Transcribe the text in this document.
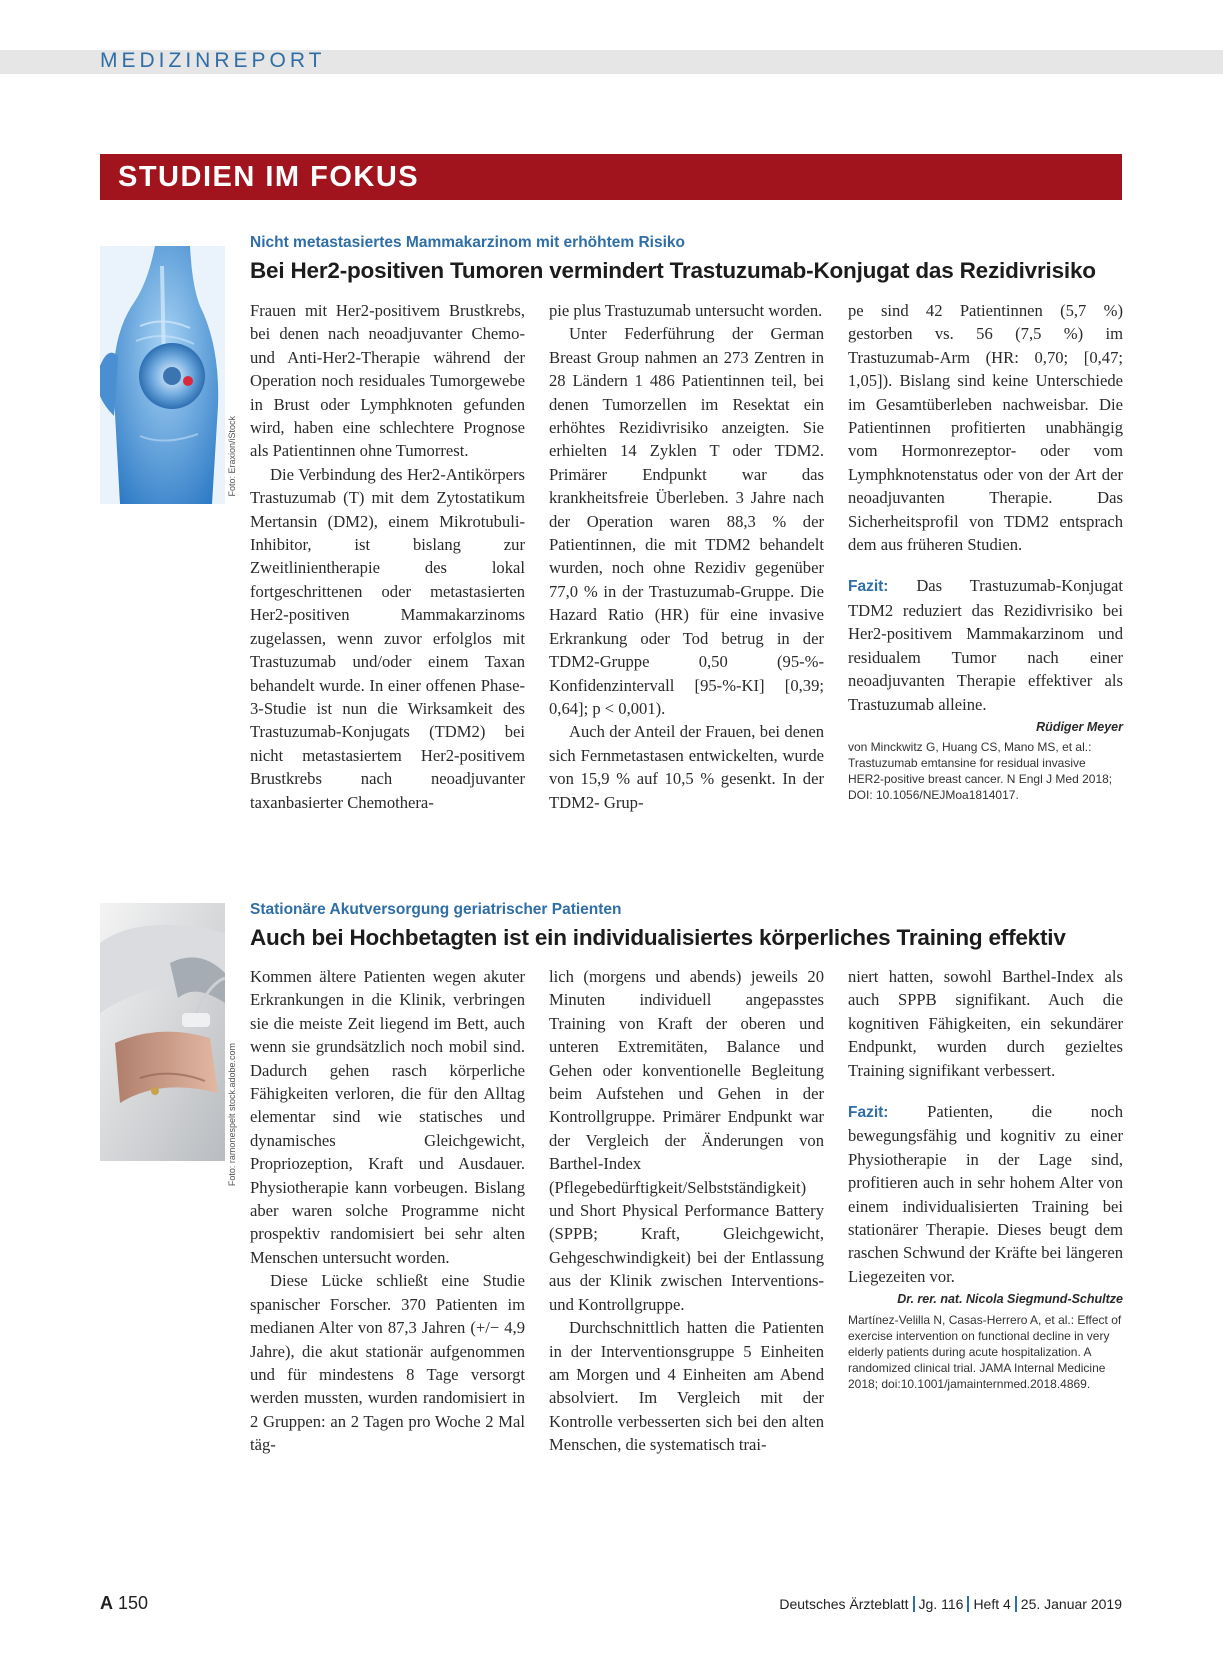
MEDIZINREPORT
STUDIEN IM FOKUS
Foto: Eraxion/iStock
Nicht metastasiertes Mammakarzinom mit erhöhtem Risiko
Bei Her2-positiven Tumoren vermindert Trastuzumab-Konjugat das Rezidivrisiko

Frauen mit Her2-positivem Brustkrebs, bei denen nach neoadjuvanter Chemo- und Anti-Her2-Therapie während der Operation noch residuales Tumorgewebe in Brust oder Lymphknoten gefunden wird, haben eine schlechtere Prognose als Patientinnen ohne Tumorrest.

Die Verbindung des Her2-Antikörpers Trastuzumab (T) mit dem Zytostatikum Mertansin (DM2), einem Mikrotubuli-Inhibitor, ist bislang zur Zweitlinientherapie des lokal fortgeschrittenen oder metastasierten Her2-positiven Mammakarzinoms zugelassen, wenn zuvor erfolglos mit Trastuzumab und/oder einem Taxan behandelt wurde. In einer offenen Phase-3-Studie ist nun die Wirksamkeit des Trastuzumab-Konjugats (TDM2) bei nicht metastasiertem Her2-positivem Brustkrebs nach neoadjuvanter taxanbasierter Chemothera-

pie plus Trastuzumab untersucht worden.

Unter Federführung der German Breast Group nahmen an 273 Zentren in 28 Ländern 1 486 Patientinnen teil, bei denen Tumorzellen im Resektat ein erhöhtes Rezidivrisiko anzeigten. Sie erhielten 14 Zyklen T oder TDM2. Primärer Endpunkt war das krankheitsfreie Überleben. 3 Jahre nach der Operation waren 88,3 % der Patientinnen, die mit TDM2 behandelt wurden, noch ohne Rezidiv gegenüber 77,0 % in der Trastuzumab-Gruppe. Die Hazard Ratio (HR) für eine invasive Erkrankung oder Tod betrug in der TDM2-Gruppe 0,50 (95-%-Konfidenzintervall [95-%-KI] [0,39; 0,64]; p < 0,001).

Auch der Anteil der Frauen, bei denen sich Fernmetastasen entwickelten, wurde von 15,9 % auf 10,5 % gesenkt. In der TDM2- Grup-

pe sind 42 Patientinnen (5,7 %) gestorben vs. 56 (7,5 %) im Trastuzumab-Arm (HR: 0,70; [0,47; 1,05]). Bislang sind keine Unterschiede im Gesamtüberleben nachweisbar. Die Patientinnen profitierten unabhängig vom Hormonrezeptor- oder vom Lymphknotenstatus oder von der Art der neoadjuvanten Therapie. Das Sicherheitsprofil von TDM2 entsprach dem aus früheren Studien.

Fazit: Das Trastuzumab-Konjugat TDM2 reduziert das Rezidivrisiko bei Her2-positivem Mammakarzinom und residualem Tumor nach einer neoadjuvanten Therapie effektiver als Trastuzumab alleine.

Rüdiger Meyer

von Minckwitz G, Huang CS, Mano MS, et al.: Trastuzumab emtansine for residual invasive HER2-positive breast cancer. N Engl J Med 2018; DOI: 10.1056/NEJMoa1814017.

Foto: ramonespelt stock.adobe.com
Stationäre Akutversorgung geriatrischer Patienten
Auch bei Hochbetagten ist ein individualisiertes körperliches Training effektiv

Kommen ältere Patienten wegen akuter Erkrankungen in die Klinik, verbringen sie die meiste Zeit liegend im Bett, auch wenn sie grundsätzlich noch mobil sind. Dadurch gehen rasch körperliche Fähigkeiten verloren, die für den Alltag elementar sind wie statisches und dynamisches Gleichgewicht, Propriozeption, Kraft und Ausdauer. Physiotherapie kann vorbeugen. Bislang aber waren solche Programme nicht prospektiv randomisiert bei sehr alten Menschen untersucht worden.

Diese Lücke schließt eine Studie spanischer Forscher. 370 Patienten im medianen Alter von 87,3 Jahren (+/− 4,9 Jahre), die akut stationär aufgenommen und für mindestens 8 Tage versorgt werden mussten, wurden randomisiert in 2 Gruppen: an 2 Tagen pro Woche 2 Mal täg-

lich (morgens und abends) jeweils 20 Minuten individuell angepasstes Training von Kraft der oberen und unteren Extremitäten, Balance und Gehen oder konventionelle Begleitung beim Aufstehen und Gehen in der Kontrollgruppe. Primärer Endpunkt war der Vergleich der Änderungen von Barthel-Index (Pflegebedürftigkeit/Selbstständigkeit) und Short Physical Performance Battery (SPPB; Kraft, Gleichgewicht, Gehgeschwindigkeit) bei der Entlassung aus der Klinik zwischen Interventions- und Kontrollgruppe.

Durchschnittlich hatten die Patienten in der Interventionsgruppe 5 Einheiten am Morgen und 4 Einheiten am Abend absolviert. Im Vergleich mit der Kontrolle verbesserten sich bei den alten Menschen, die systematisch trai-

niert hatten, sowohl Barthel-Index als auch SPPB signifikant. Auch die kognitiven Fähigkeiten, ein sekundärer Endpunkt, wurden durch gezieltes Training signifikant verbessert.

Fazit: Patienten, die noch bewegungsfähig und kognitiv zu einer Physiotherapie in der Lage sind, profitieren auch in sehr hohem Alter von einem individualisierten Training bei stationärer Therapie. Dieses beugt dem raschen Schwund der Kräfte bei längeren Liegezeiten vor.

Dr. rer. nat. Nicola Siegmund-Schultze

Martínez-Velilla N, Casas-Herrero A, et al.: Effect of exercise intervention on functional decline in very elderly patients during acute hospitalization. A randomized clinical trial. JAMA Internal Medicine 2018; doi:10.1001/jamainternmed.2018.4869.

A 150	Deutsches Ärzteblatt Jg. 116 Heft 4 25. Januar 2019
